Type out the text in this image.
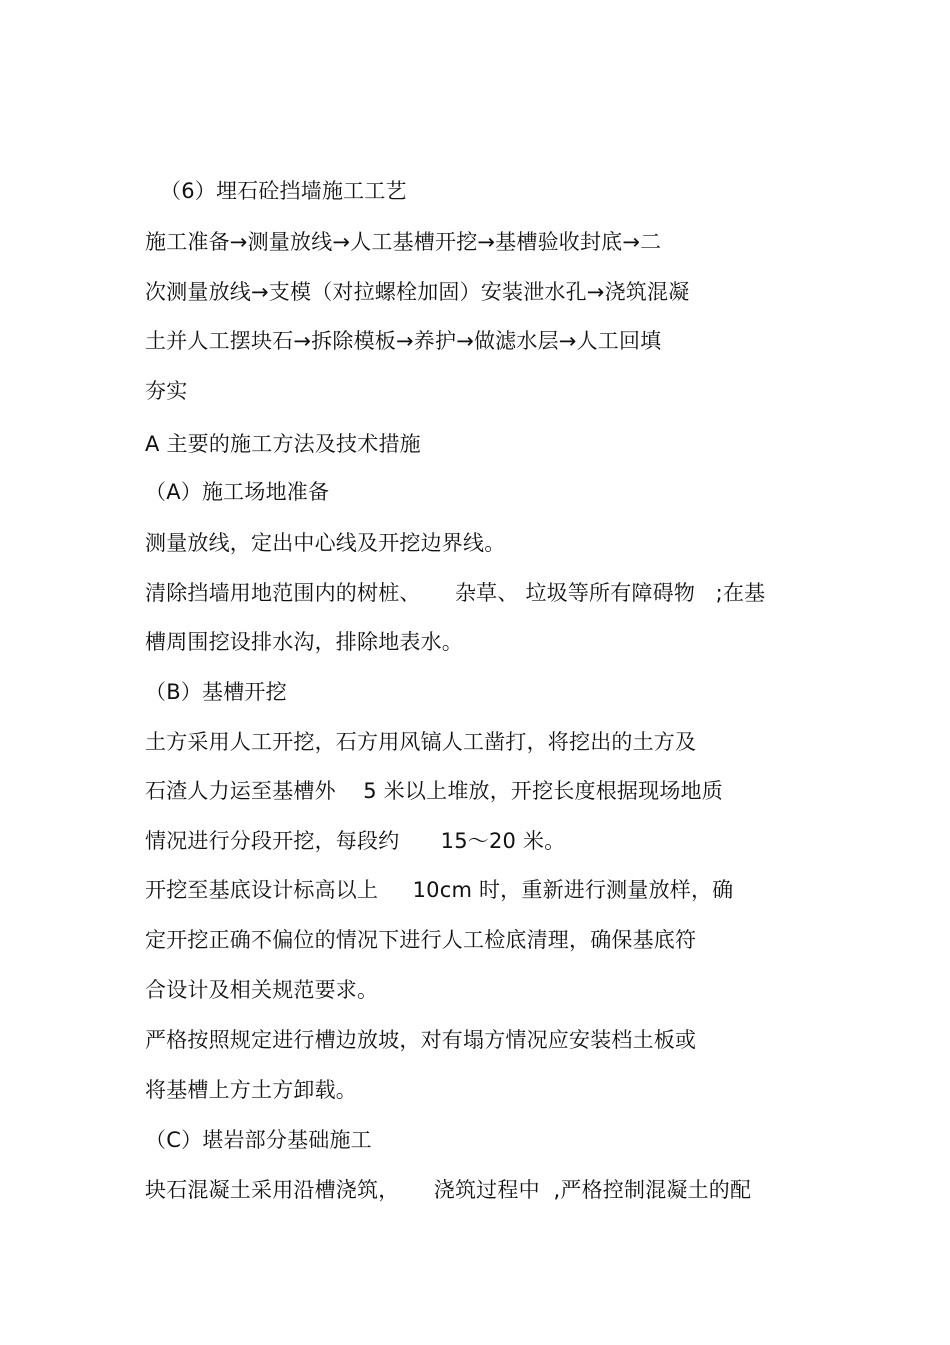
（6）埋石砼挡墙施工工艺
施工准备→测量放线→人工基槽开挖→基槽验收封底→二
次测量放线→支模（对拉螺栓加固）安装泄水孔→浇筑混凝
土并人工摆块石→拆除模板→养护→做滤水层→人工回填
夯实
A 主要的施工方法及技术措施
（A）施工场地准备
测量放线，定出中心线及开挖边界线。
清除挡墙用地范围内的树桩、     杂草、 垃圾等所有障碍物   ;在基
槽周围挖设排水沟，排除地表水。
（B）基槽开挖
土方采用人工开挖，石方用风镐人工凿打，将挖出的土方及
石渣人力运至基槽外    5 米以上堆放，开挖长度根据现场地质
情况进行分段开挖，每段约      15～20 米。
开挖至基底设计标高以上     10cm 时，重新进行测量放样，确
定开挖正确不偏位的情况下进行人工检底清理，确保基底符
合设计及相关规范要求。
严格按照规定进行槽边放坡，对有塌方情况应安装档土板或
将基槽上方土方卸载。
（C）堪岩部分基础施工
块石混凝土采用沿槽浇筑，     浇筑过程中  ,严格控制混凝土的配
